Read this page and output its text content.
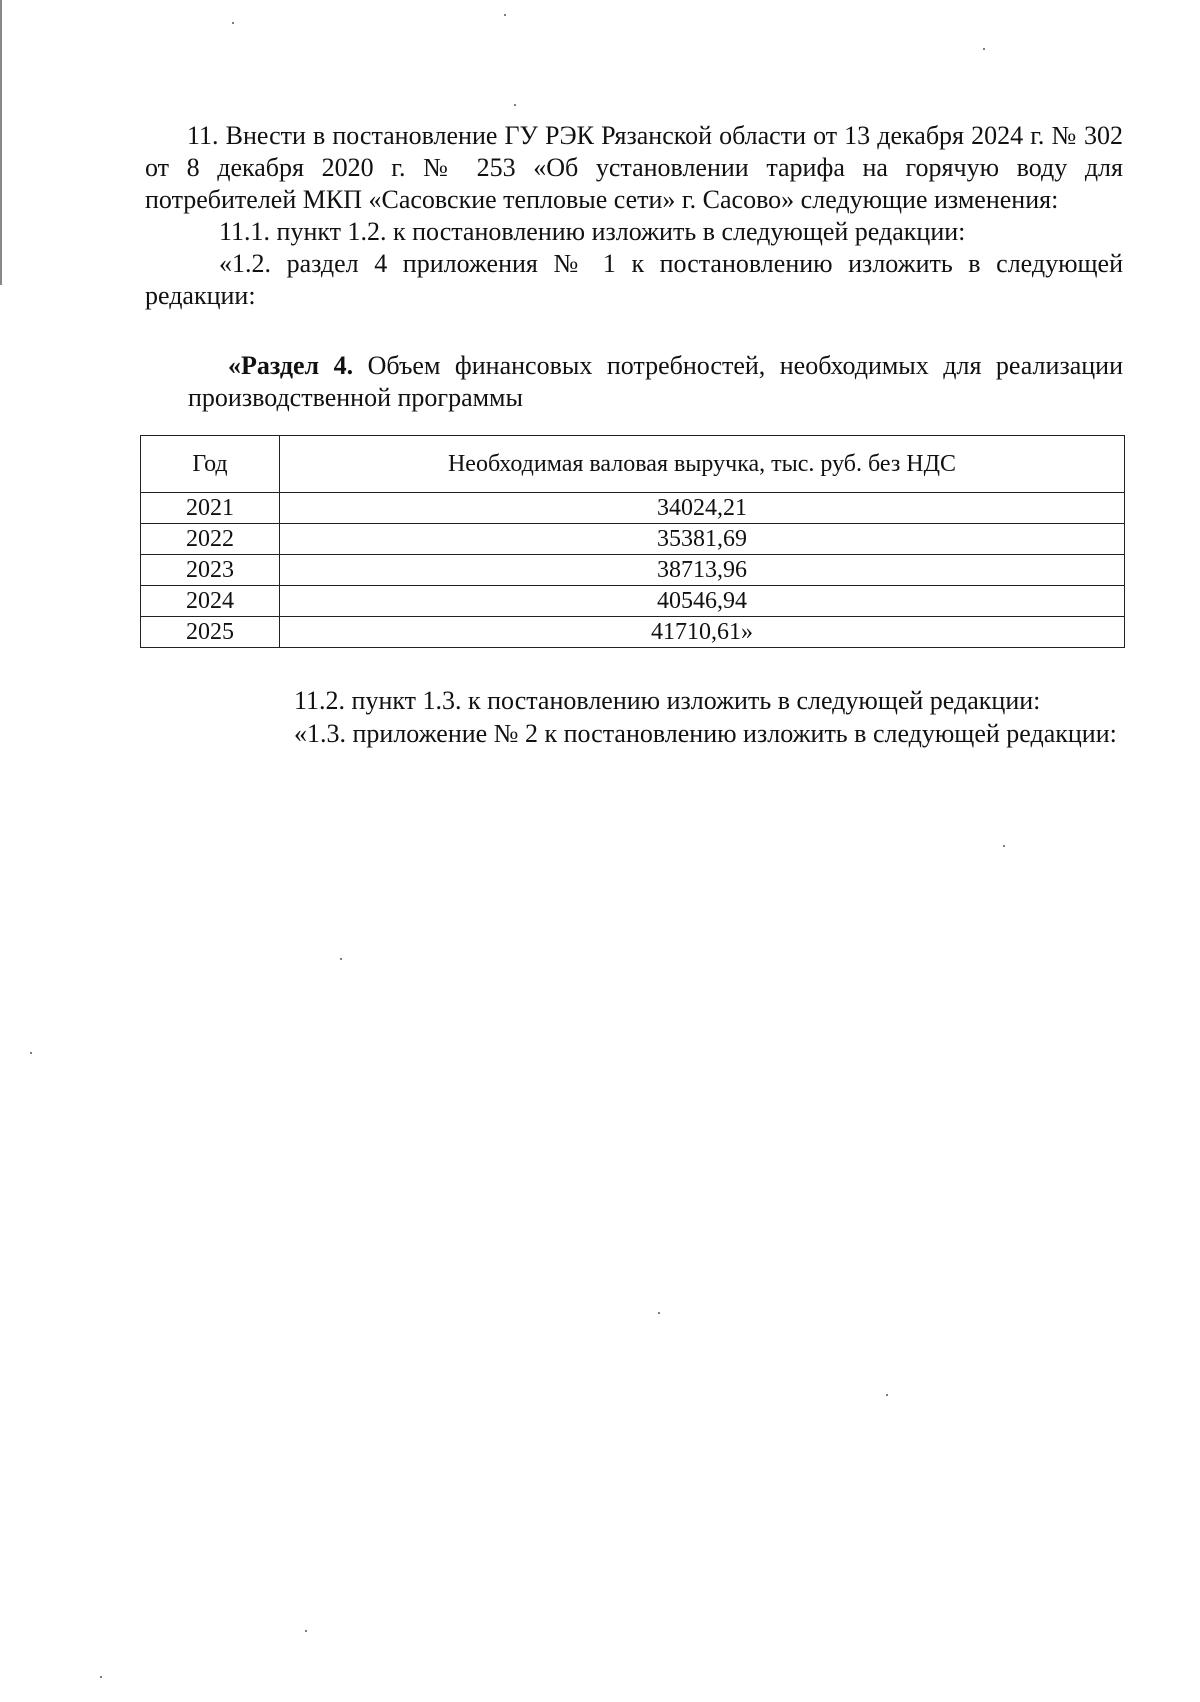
11. Внести в постановление ГУ РЭК Рязанской области от 13 декабря 2024 г. № 302 от 8 декабря 2020 г. № 253 «Об установлении тарифа на горячую воду для потребителей МКП «Сасовские тепловые сети» г. Сасово» следующие изменения:
11.1. пункт 1.2. к постановлению изложить в следующей редакции:
«1.2. раздел 4 приложения № 1 к постановлению изложить в следующей редакции:
«Раздел 4. Объем финансовых потребностей, необходимых для реализации производственной программы
Год	Необходимая валовая выручка, тыс. руб. без НДС
2021	34024,21
2022	35381,69
2023	38713,96
2024	40546,94
2025	41710,61»
11.2. пункт 1.3. к постановлению изложить в следующей редакции:
«1.3. приложение № 2 к постановлению изложить в следующей редакции:
